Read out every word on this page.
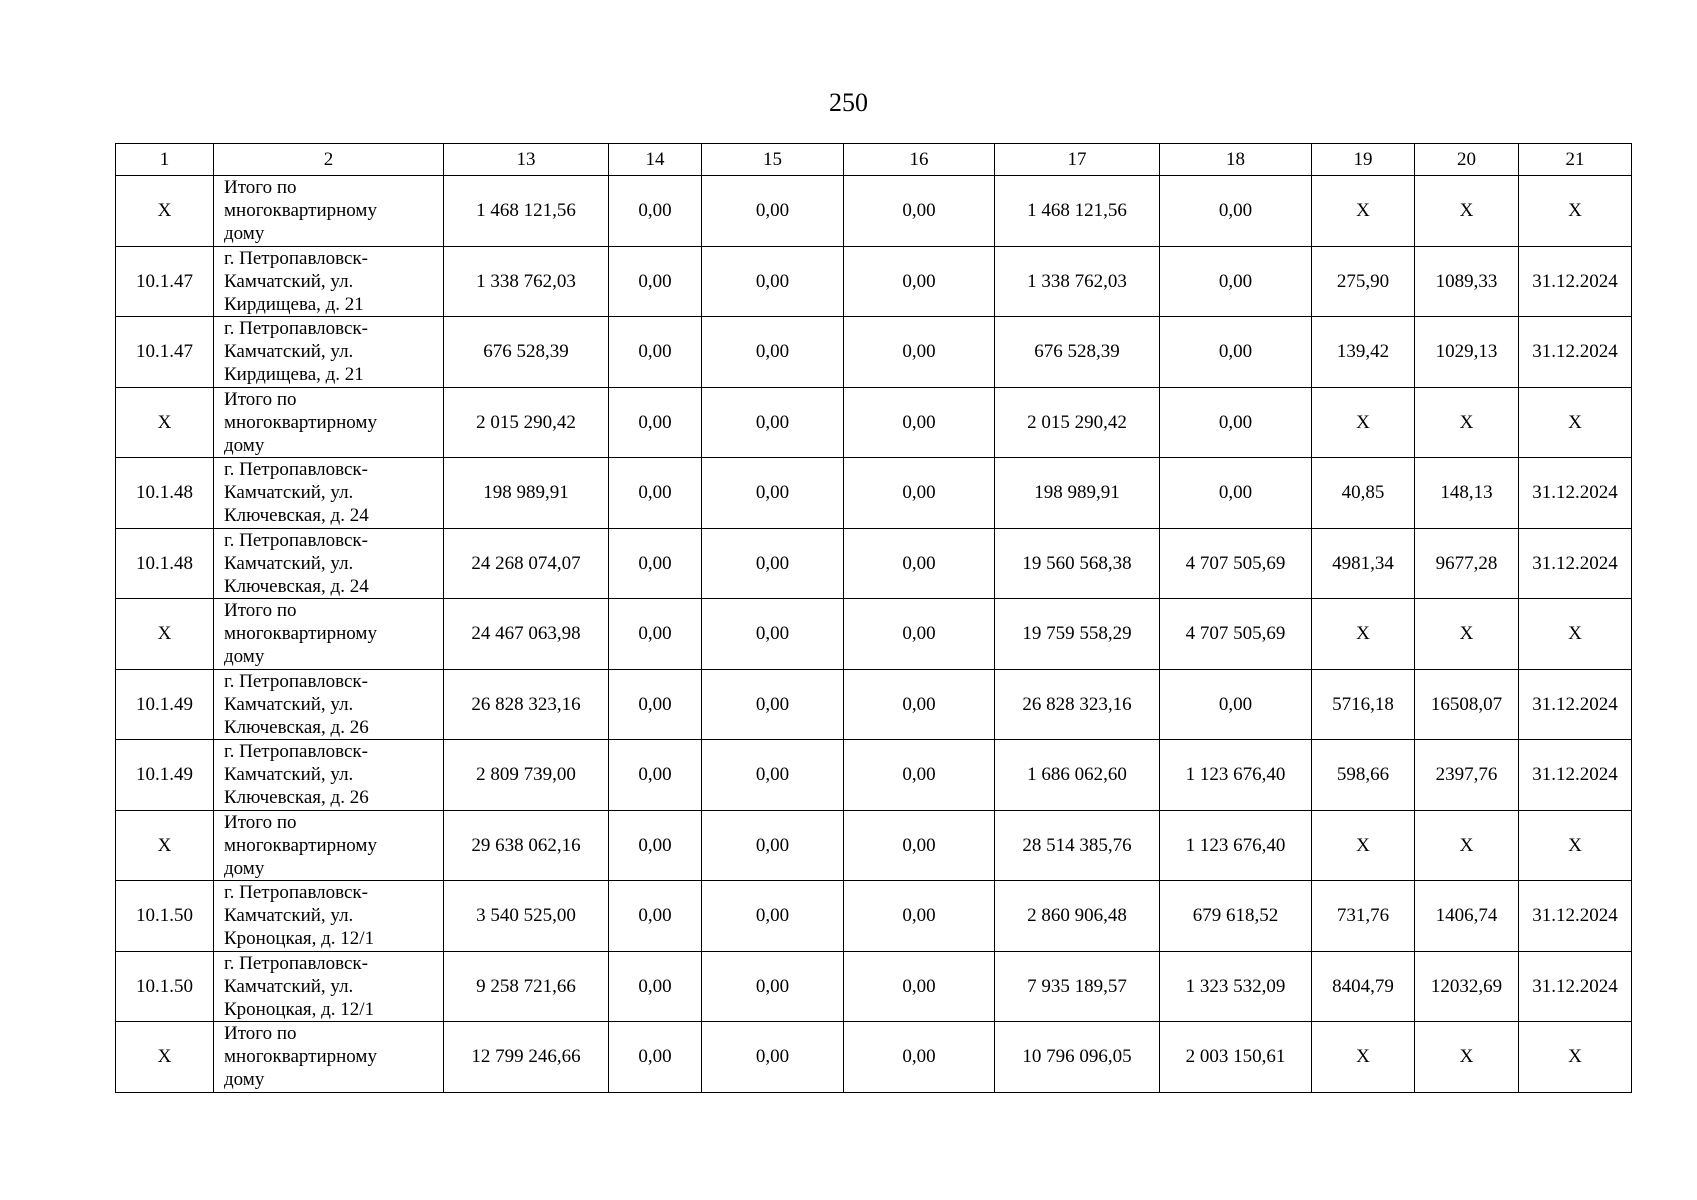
250
1	2	13	14	15	16	17	18	19	20	21
X	Итого по
многоквартирному
дому	1 468 121,56	0,00	0,00	0,00	1 468 121,56	0,00	X	X	X
10.1.47	г. Петропавловск-
Камчатский, ул.
Кирдищева, д. 21	1 338 762,03	0,00	0,00	0,00	1 338 762,03	0,00	275,90	1089,33	31.12.2024
10.1.47	г. Петропавловск-
Камчатский, ул.
Кирдищева, д. 21	676 528,39	0,00	0,00	0,00	676 528,39	0,00	139,42	1029,13	31.12.2024
X	Итого по
многоквартирному
дому	2 015 290,42	0,00	0,00	0,00	2 015 290,42	0,00	X	X	X
10.1.48	г. Петропавловск-
Камчатский, ул.
Ключевская, д. 24	198 989,91	0,00	0,00	0,00	198 989,91	0,00	40,85	148,13	31.12.2024
10.1.48	г. Петропавловск-
Камчатский, ул.
Ключевская, д. 24	24 268 074,07	0,00	0,00	0,00	19 560 568,38	4 707 505,69	4981,34	9677,28	31.12.2024
X	Итого по
многоквартирному
дому	24 467 063,98	0,00	0,00	0,00	19 759 558,29	4 707 505,69	X	X	X
10.1.49	г. Петропавловск-
Камчатский, ул.
Ключевская, д. 26	26 828 323,16	0,00	0,00	0,00	26 828 323,16	0,00	5716,18	16508,07	31.12.2024
10.1.49	г. Петропавловск-
Камчатский, ул.
Ключевская, д. 26	2 809 739,00	0,00	0,00	0,00	1 686 062,60	1 123 676,40	598,66	2397,76	31.12.2024
X	Итого по
многоквартирному
дому	29 638 062,16	0,00	0,00	0,00	28 514 385,76	1 123 676,40	X	X	X
10.1.50	г. Петропавловск-
Камчатский, ул.
Кроноцкая, д. 12/1	3 540 525,00	0,00	0,00	0,00	2 860 906,48	679 618,52	731,76	1406,74	31.12.2024
10.1.50	г. Петропавловск-
Камчатский, ул.
Кроноцкая, д. 12/1	9 258 721,66	0,00	0,00	0,00	7 935 189,57	1 323 532,09	8404,79	12032,69	31.12.2024
X	Итого по
многоквартирному
дому	12 799 246,66	0,00	0,00	0,00	10 796 096,05	2 003 150,61	X	X	X
